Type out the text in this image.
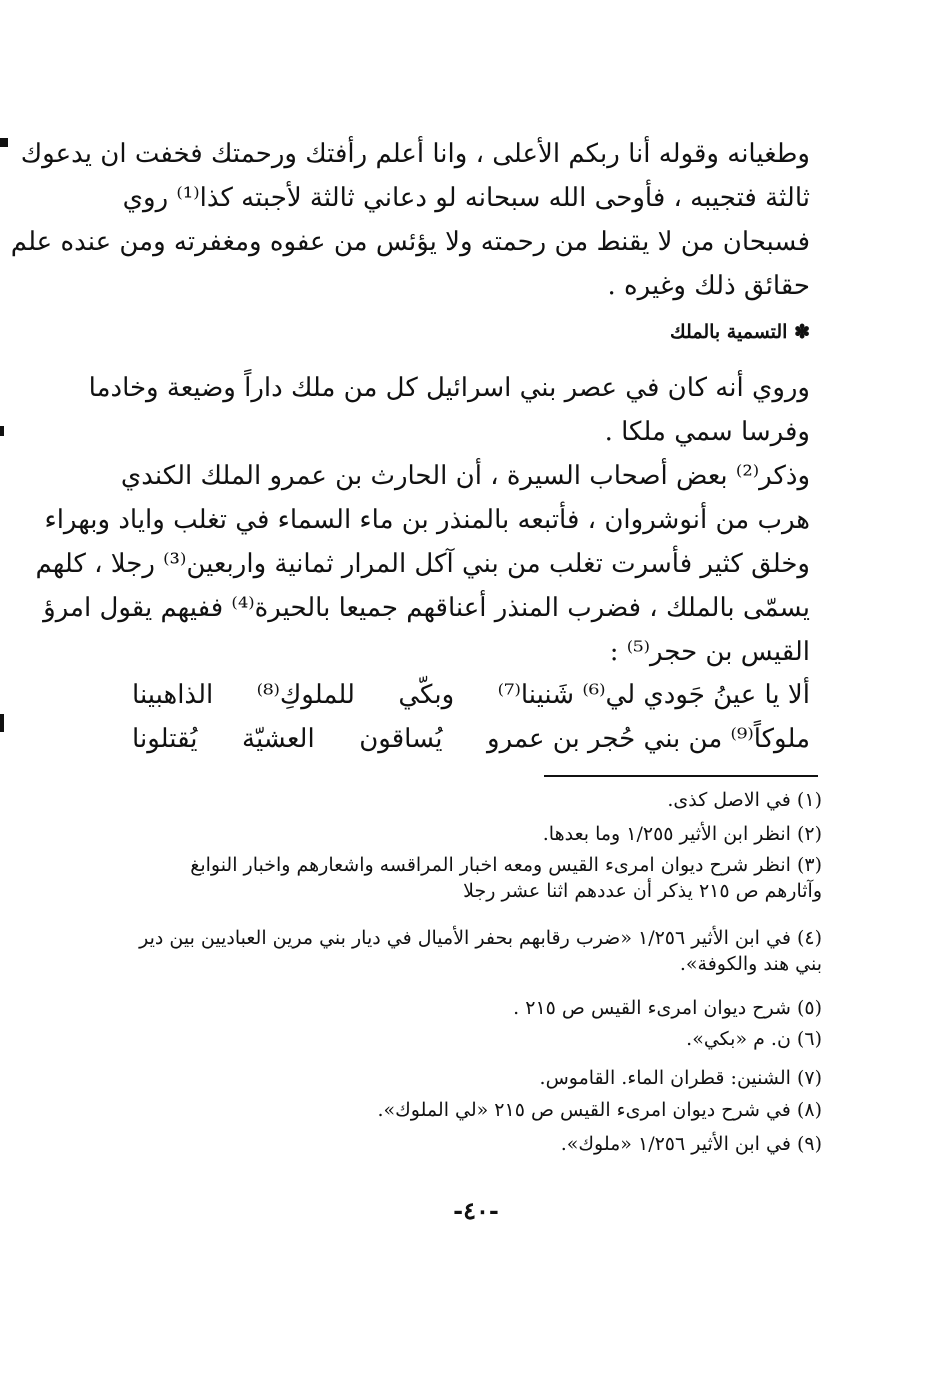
وطغيانه وقوله أنا ربكم الأعلى ، وانا أعلم رأفتك ورحمتك فخفت ان يدعوك
ثالثة فتجيبه ، فأوحى الله سبحانه لو دعاني ثالثة لأجبته كذا⁽¹⁾ روي
فسبحان من لا يقنط من رحمته ولا يؤئس من عفوه ومغفرته ومن عنده علم
حقائق ذلك وغيره .
✽ التسمية بالملك
وروي أنه كان في عصر بني اسرائيل كل من ملك داراً وضيعة وخادما
وفرسا سمي ملكا .
وذكر⁽²⁾ بعض أصحاب السيرة ، أن الحارث بن عمرو الملك الكندي
هرب من أنوشروان ، فأتبعه بالمنذر بن ماء السماء في تغلب واياد وبهراء
وخلق كثير فأسرت تغلب من بني آكل المرار ثمانية واربعين⁽³⁾ رجلا ، كلهم
يسمّى بالملك ، فضرب المنذر أعناقهم جميعا بالحيرة⁽⁴⁾ ففيهم يقول امرؤ
القيس بن حجر⁽⁵⁾ :
ألا يا عينُ جَودي لي⁽⁶⁾ شَنينا⁽⁷⁾
وبكّي
للملوكِ⁽⁸⁾
الذاهبينا
ملوكاً⁽⁹⁾ من بني حُجر بن عمرو
يُساقون
العشيّة
يُقتلونا
(١) في الاصل كذى.
(٢) انظر ابن الأثير ١/٢٥٥ وما بعدها.
(٣) انظر شرح ديوان امرىء القيس ومعه اخبار المراقسه واشعارهم واخبار النوابغ وآثارهم ص ٢١٥ يذكر أن عددهم اثنا عشر رجلا
(٤) في ابن الأثير ١/٢٥٦ «ضرب رقابهم بحفر الأميال في ديار بني مرين العباديين بين دير بني هند والكوفة».
(٥) شرح ديوان امرىء القيس ص ٢١٥ .
(٦) ن. م «بكي».
(٧) الشنين: قطران الماء. القاموس.
(٨) في شرح ديوان امرىء القيس ص ٢١٥ «لي الملوك».
(٩) في ابن الأثير ١/٢٥٦ «ملوك».
-٤٠-
